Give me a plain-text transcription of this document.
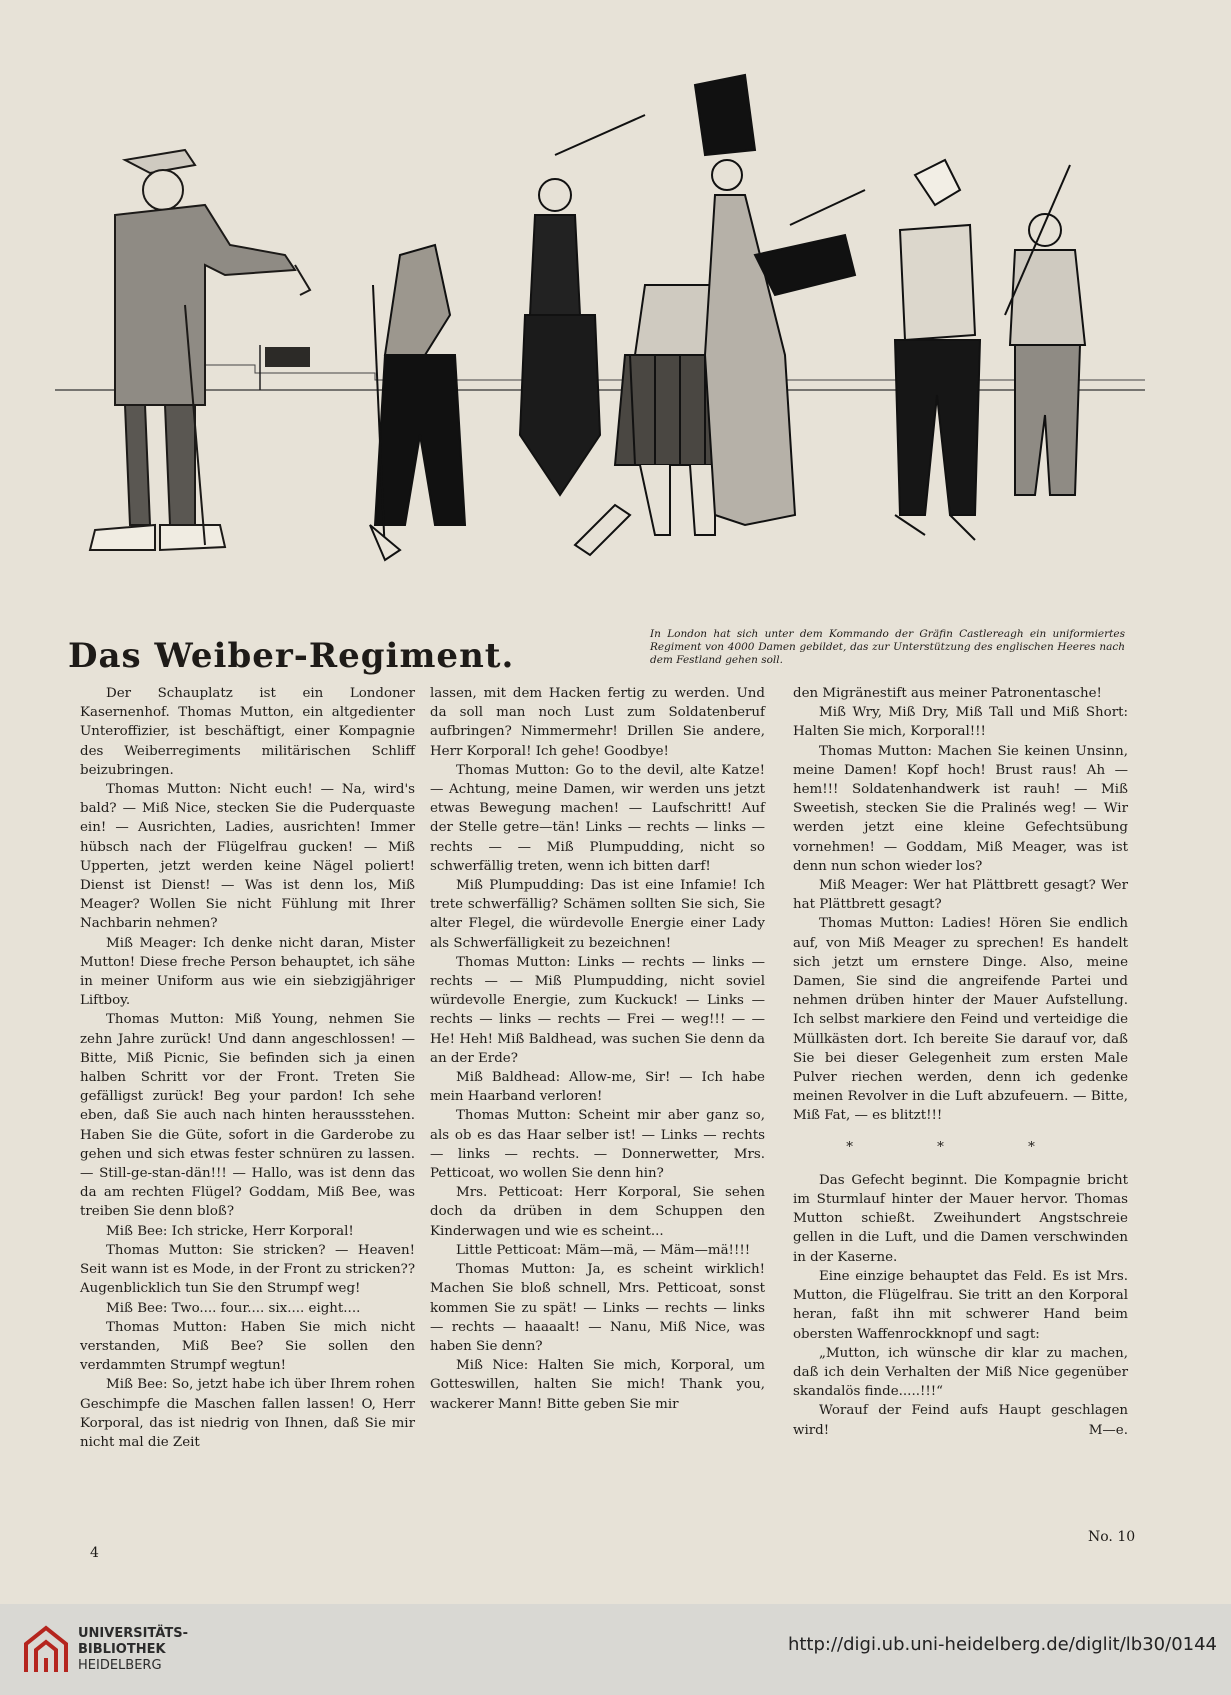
Das Weiber-Regiment.
In London hat sich unter dem Kommando der Gräfin Castlereagh ein uniformiertes Regiment von 4000 Damen gebildet, das zur Unterstützung des englischen Heeres nach dem Festland gehen soll.

Der Schauplatz ist ein Londoner Kasernenhof. Thomas Mutton, ein altgedienter Unteroffizier, ist beschäftigt, einer Kompagnie des Weiberregiments militärischen Schliff beizubringen.

Thomas Mutton: Nicht euch! — Na, wird's bald? — Miß Nice, stecken Sie die Puderquaste ein! — Ausrichten, Ladies, ausrichten! Immer hübsch nach der Flügelfrau gucken! — Miß Upperten, jetzt werden keine Nägel poliert! Dienst ist Dienst! — Was ist denn los, Miß Meager? Wollen Sie nicht Fühlung mit Ihrer Nachbarin nehmen?

Miß Meager: Ich denke nicht daran, Mister Mutton! Diese freche Person behauptet, ich sähe in meiner Uniform aus wie ein siebzigjähriger Liftboy.

Thomas Mutton: Miß Young, nehmen Sie zehn Jahre zurück! Und dann angeschlossen! — Bitte, Miß Picnic, Sie befinden sich ja einen halben Schritt vor der Front. Treten Sie gefälligst zurück! Beg your pardon! Ich sehe eben, daß Sie auch nach hinten heraussstehen. Haben Sie die Güte, sofort in die Garderobe zu gehen und sich etwas fester schnüren zu lassen. — Still-ge-stan-dän!!! — Hallo, was ist denn das da am rechten Flügel? Goddam, Miß Bee, was treiben Sie denn bloß?

Miß Bee: Ich stricke, Herr Korporal!

Thomas Mutton: Sie stricken? — Heaven! Seit wann ist es Mode, in der Front zu stricken?? Augenblicklich tun Sie den Strumpf weg!

Miß Bee: Two.... four.... six.... eight....

Thomas Mutton: Haben Sie mich nicht verstanden, Miß Bee? Sie sollen den verdammten Strumpf wegtun!

Miß Bee: So, jetzt habe ich über Ihrem rohen Geschimpfe die Maschen fallen lassen! O, Herr Korporal, das ist niedrig von Ihnen, daß Sie mir nicht mal die Zeit

lassen, mit dem Hacken fertig zu werden. Und da soll man noch Lust zum Soldatenberuf aufbringen? Nimmermehr! Drillen Sie andere, Herr Korporal! Ich gehe! Goodbye!

Thomas Mutton: Go to the devil, alte Katze! — Achtung, meine Damen, wir werden uns jetzt etwas Bewegung machen! — Laufschritt! Auf der Stelle getre—tän! Links — rechts — links — rechts — — Miß Plumpudding, nicht so schwerfällig treten, wenn ich bitten darf!

Miß Plumpudding: Das ist eine Infamie! Ich trete schwerfällig? Schämen sollten Sie sich, Sie alter Flegel, die würdevolle Energie einer Lady als Schwerfälligkeit zu bezeichnen!

Thomas Mutton: Links — rechts — links — rechts — — Miß Plumpudding, nicht soviel würdevolle Energie, zum Kuckuck! — Links — rechts — links — rechts — Frei — weg!!! — — He! Heh! Miß Baldhead, was suchen Sie denn da an der Erde?

Miß Baldhead: Allow-me, Sir! — Ich habe mein Haarband verloren!

Thomas Mutton: Scheint mir aber ganz so, als ob es das Haar selber ist! — Links — rechts — links — rechts. — Donnerwetter, Mrs. Petticoat, wo wollen Sie denn hin?

Mrs. Petticoat: Herr Korporal, Sie sehen doch da drüben in dem Schuppen den Kinderwagen und wie es scheint...

Little Petticoat: Mäm—mä, — Mäm—mä!!!!

Thomas Mutton: Ja, es scheint wirklich! Machen Sie bloß schnell, Mrs. Petticoat, sonst kommen Sie zu spät! — Links — rechts — links — rechts — haaaalt! — Nanu, Miß Nice, was haben Sie denn?

Miß Nice: Halten Sie mich, Korporal, um Gotteswillen, halten Sie mich! Thank you, wackerer Mann! Bitte geben Sie mir

den Migränestift aus meiner Patronentasche!

Miß Wry, Miß Dry, Miß Tall und Miß Short: Halten Sie mich, Korporal!!!

Thomas Mutton: Machen Sie keinen Unsinn, meine Damen! Kopf hoch! Brust raus! Ah — hem!!! Soldatenhandwerk ist rauh! — Miß Sweetish, stecken Sie die Pralinés weg! — Wir werden jetzt eine kleine Gefechtsübung vornehmen! — Goddam, Miß Meager, was ist denn nun schon wieder los?

Miß Meager: Wer hat Plättbrett gesagt? Wer hat Plättbrett gesagt?

Thomas Mutton: Ladies! Hören Sie endlich auf, von Miß Meager zu sprechen! Es handelt sich jetzt um ernstere Dinge. Also, meine Damen, Sie sind die angreifende Partei und nehmen drüben hinter der Mauer Aufstellung. Ich selbst markiere den Feind und verteidige die Müllkästen dort. Ich bereite Sie darauf vor, daß Sie bei dieser Gelegenheit zum ersten Male Pulver riechen werden, denn ich gedenke meinen Revolver in die Luft abzufeuern. — Bitte, Miß Fat, — es blitzt!!!

* * *

Das Gefecht beginnt. Die Kompagnie bricht im Sturmlauf hinter der Mauer hervor. Thomas Mutton schießt. Zweihundert Angstschreie gellen in die Luft, und die Damen verschwinden in der Kaserne.

Eine einzige behauptet das Feld. Es ist Mrs. Mutton, die Flügelfrau. Sie tritt an den Korporal heran, faßt ihn mit schwerer Hand beim obersten Waffenrockknopf und sagt:

„Mutton, ich wünsche dir klar zu machen, daß ich dein Verhalten der Miß Nice gegenüber skandalös finde.....!!!“

Worauf der Feind aufs Haupt geschlagen wird!	M—e.

4
No. 10
UNIVERSITÄTS-
BIBLIOTHEK
HEIDELBERG
http://digi.ub.uni-heidelberg.de/diglit/lb30/0144
